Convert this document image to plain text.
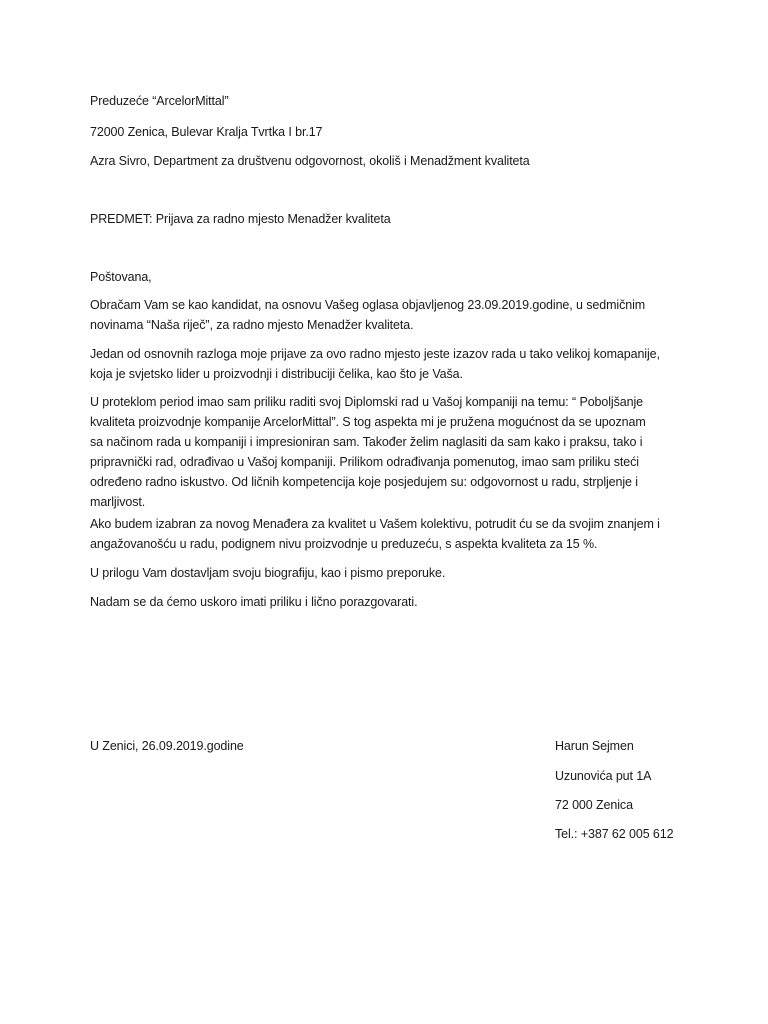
Preduzeće “ArcelorMittal”
72000 Zenica, Bulevar Kralja Tvrtka I br.17
Azra Sivro, Department za društvenu odgovornost, okoliš i Menadžment kvaliteta
PREDMET: Prijava za radno mjesto Menadžer kvaliteta
Poštovana,
Obračam Vam se kao kandidat, na osnovu Vašeg oglasa objavljenog 23.09.2019.godine, u sedmičnim
novinama “Naša riječ”, za radno mjesto Menadžer kvaliteta.
Jedan od osnovnih razloga moje prijave za ovo radno mjesto jeste izazov rada u tako velikoj komapanije,
koja je svjetsko lider u proizvodnji i distribuciji čelika, kao što je Vaša.
U proteklom period imao sam priliku raditi svoj Diplomski rad u Vašoj kompaniji na temu: “ Poboljšanje
kvaliteta proizvodnje kompanije ArcelorMittal”. S tog aspekta mi je pružena mogućnost da se upoznam
sa načinom rada u kompaniji i impresioniran sam. Također želim naglasiti da sam kako i praksu, tako i
pripravnički rad, odrađivao u Vašoj kompaniji. Prilikom odrađivanja pomenutog, imao sam priliku steći
određeno radno iskustvo. Od ličnih kompetencija koje posjedujem su: odgovornost u radu, strpljenje i
marljivost.
Ako budem izabran za novog Menađera za kvalitet u Vašem kolektivu, potrudit ću se da svojim znanjem i
angažovanošću u radu, podignem nivu proizvodnje u preduzeću, s aspekta kvaliteta za 15 %.
U prilogu Vam dostavljam svoju biografiju, kao i pismo preporuke.
Nadam se da ćemo uskoro imati priliku i lično porazgovarati.
U Zenici, 26.09.2019.godine	Harun Sejmen
Uzunovića put 1A
72 000 Zenica
Tel.: +387 62 005 612
